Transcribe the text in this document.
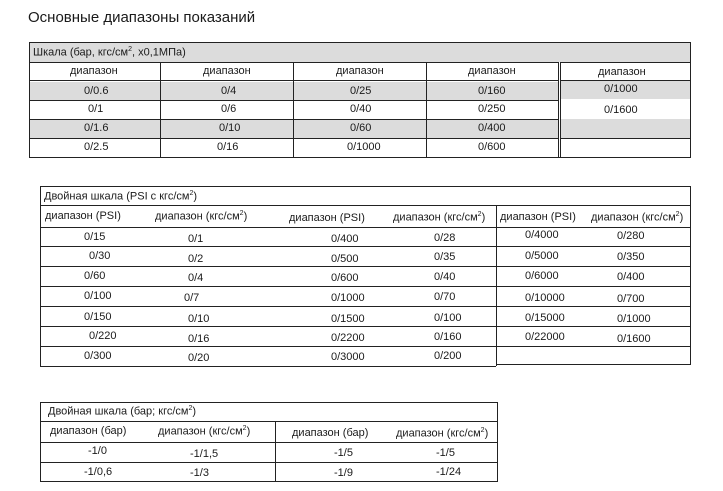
Основные диапазоны показаний
Шкала (бар, кгс/$см^2$, х0,1МПа)
диапазон	диапазон	диапазон	диапазон	диапазон
0/0.6	0/4	0/25	0/160	0/1000
0/1	0/6	0/40	0/250	0/1600
0/1.6	0/10	0/60	0/400
0/2.5	0/16	0/1000	0/600
Двойная шкала (PSI с кгс/$см^2$)
диапазон (PSI)	диапазон $(кгс/см^2)$	диапазон (PSI)	диапазон $(кгс/см^2)$ диапазон (PSI) диапазон $(кгс/см^2)$
0/15	0/1	0/400	0/28	0/4000	0/280
0/30	0/2	0/500	0/35	0/5000	0/350
0/60	0/4	0/600	0/40	0/6000	0/400
0/100	0/7	0/1000	0/70	0/10000	0/700
0/150	0/10	0/1500	0/100	0/15000	0/1000
0/220	0/16	0/2200	0/160	0/22000	0/1600
0/300	0/20	0/3000	0/200
Двойная шкала (бар; кгс/$см^2$)
диапазон (бар)	диапазон $(кгс/см^2)$	диапазон (бар)	диапазон $(кгс/см^2)$
-1/0	-1/1,5	-1/5	-1/5
-1/0,6	-1/3	-1/9	-1/24
